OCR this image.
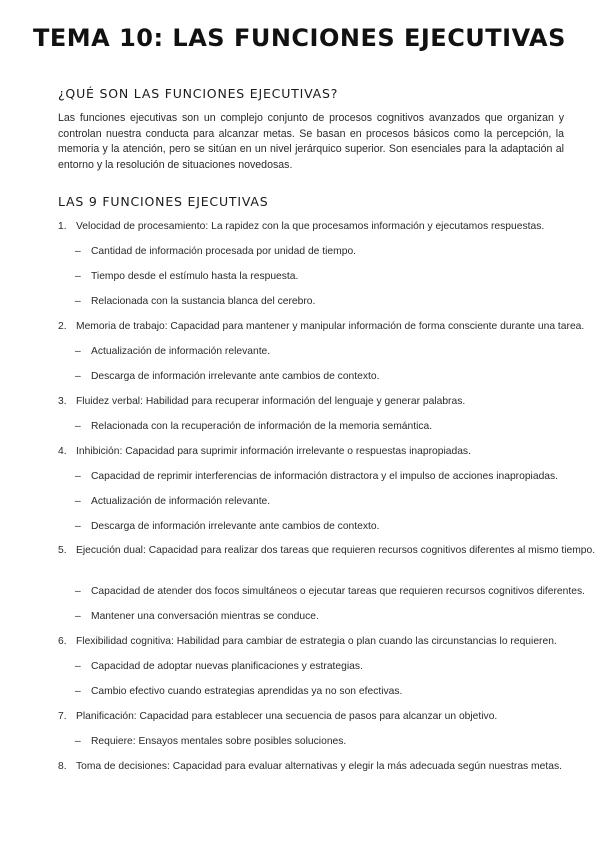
TEMA 10: LAS FUNCIONES EJECUTIVAS
¿QUÉ SON LAS FUNCIONES EJECUTIVAS?
Las funciones ejecutivas son un complejo conjunto de procesos cognitivos avanzados que organizan y controlan nuestra conducta para alcanzar metas. Se basan en procesos básicos como la percepción, la memoria y la atención, pero se sitúan en un nivel jerárquico superior. Son esenciales para la adaptación al entorno y la resolución de situaciones novedosas.
LAS 9 FUNCIONES EJECUTIVAS
1. Velocidad de procesamiento: La rapidez con la que procesamos información y ejecutamos respuestas.
– Cantidad de información procesada por unidad de tiempo.
– Tiempo desde el estímulo hasta la respuesta.
– Relacionada con la sustancia blanca del cerebro.
2. Memoria de trabajo: Capacidad para mantener y manipular información de forma consciente durante una tarea.
– Actualización de información relevante.
– Descarga de información irrelevante ante cambios de contexto.
3. Fluidez verbal: Habilidad para recuperar información del lenguaje y generar palabras.
– Relacionada con la recuperación de información de la memoria semántica.
4. Inhibición: Capacidad para suprimir información irrelevante o respuestas inapropiadas.
– Capacidad de reprimir interferencias de información distractora y el impulso de acciones inapropiadas.
– Actualización de información relevante.
– Descarga de información irrelevante ante cambios de contexto.
5. Ejecución dual: Capacidad para realizar dos tareas que requieren recursos cognitivos diferentes al mismo tiempo.
– Capacidad de atender dos focos simultáneos o ejecutar tareas que requieren recursos cognitivos diferentes.
– Mantener una conversación mientras se conduce.
6. Flexibilidad cognitiva: Habilidad para cambiar de estrategia o plan cuando las circunstancias lo requieren.
– Capacidad de adoptar nuevas planificaciones y estrategias.
– Cambio efectivo cuando estrategias aprendidas ya no son efectivas.
7. Planificación: Capacidad para establecer una secuencia de pasos para alcanzar un objetivo.
– Requiere: Ensayos mentales sobre posibles soluciones.
8. Toma de decisiones: Capacidad para evaluar alternativas y elegir la más adecuada según nuestras metas.
